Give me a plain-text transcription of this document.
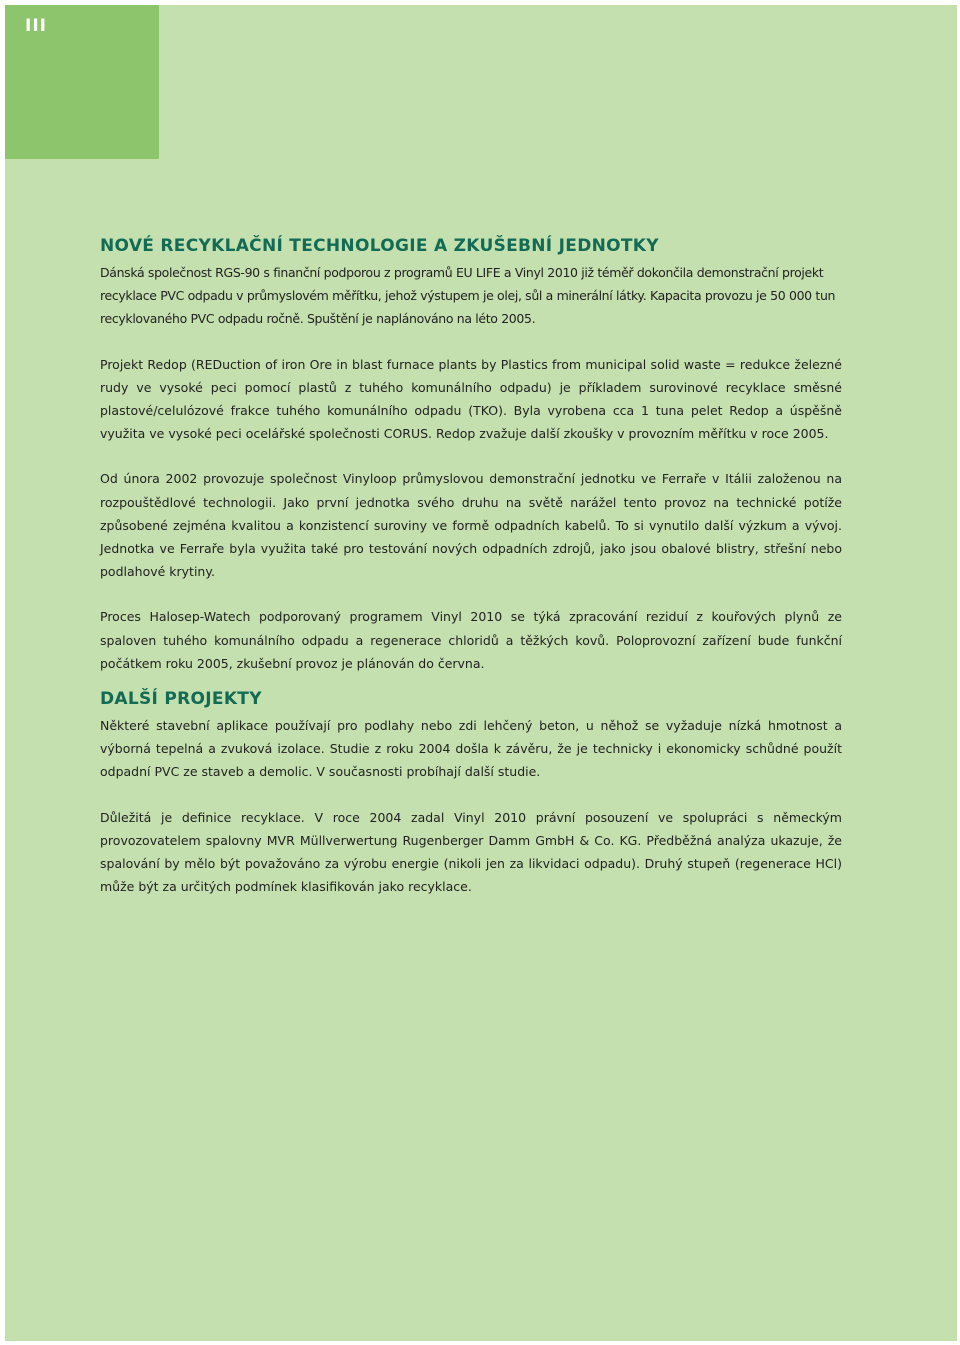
III
NOVÉ RECYKLAČNÍ TECHNOLOGIE A ZKUŠEBNÍ JEDNOTKY

Dánská společnost RGS-90 s finanční podporou z programů EU LIFE a Vinyl 2010 již téměř dokončila demonstrační projekt recyklace PVC odpadu v průmyslovém měřítku, jehož výstupem je olej, sůl a minerální látky. Kapacita provozu je 50 000 tun recyklovaného PVC odpadu ročně. Spuštění je naplánováno na léto 2005.

Projekt Redop (REDuction of iron Ore in blast furnace plants by Plastics from municipal solid waste = redukce železné rudy ve vysoké peci pomocí plastů z tuhého komunálního odpadu) je příkladem surovinové recyklace směsné plastové/celulózové frakce tuhého komunálního odpadu (TKO). Byla vyrobena cca 1 tuna pelet Redop a úspěšně využita ve vysoké peci ocelářské společnosti CORUS. Redop zvažuje další zkoušky v provozním měřítku v roce 2005.

Od února 2002 provozuje společnost Vinyloop průmyslovou demonstrační jednotku ve Ferraře v Itálii založenou na rozpouštědlové technologii. Jako první jednotka svého druhu na světě narážel tento provoz na technické potíže způsobené zejména kvalitou a konzistencí suroviny ve formě odpadních kabelů. To si vynutilo další výzkum a vývoj. Jednotka ve Ferraře byla využita také pro testování nových odpadních zdrojů, jako jsou obalové blistry, střešní nebo podlahové krytiny.

Proces Halosep-Watech podporovaný programem Vinyl 2010 se týká zpracování reziduí z kouřových plynů ze spaloven tuhého komunálního odpadu a regenerace chloridů a těžkých kovů. Poloprovozní zařízení bude funkční počátkem roku 2005, zkušební provoz je plánován do června.

DALŠÍ PROJEKTY

Některé stavební aplikace používají pro podlahy nebo zdi lehčený beton, u něhož se vyžaduje nízká hmotnost a výborná tepelná a zvuková izolace. Studie z roku 2004 došla k závěru, že je technicky i ekonomicky schůdné použít odpadní PVC ze staveb a demolic. V současnosti probíhají další studie.

Důležitá je definice recyklace. V roce 2004 zadal Vinyl 2010 právní posouzení ve spolupráci s německým provozovatelem spalovny MVR Müllverwertung Rugenberger Damm GmbH & Co. KG. Předběžná analýza ukazuje, že spalování by mělo být považováno za výrobu energie (nikoli jen za likvidaci odpadu). Druhý stupeň (regenerace HCl) může být za určitých podmínek klasifikován jako recyklace.
